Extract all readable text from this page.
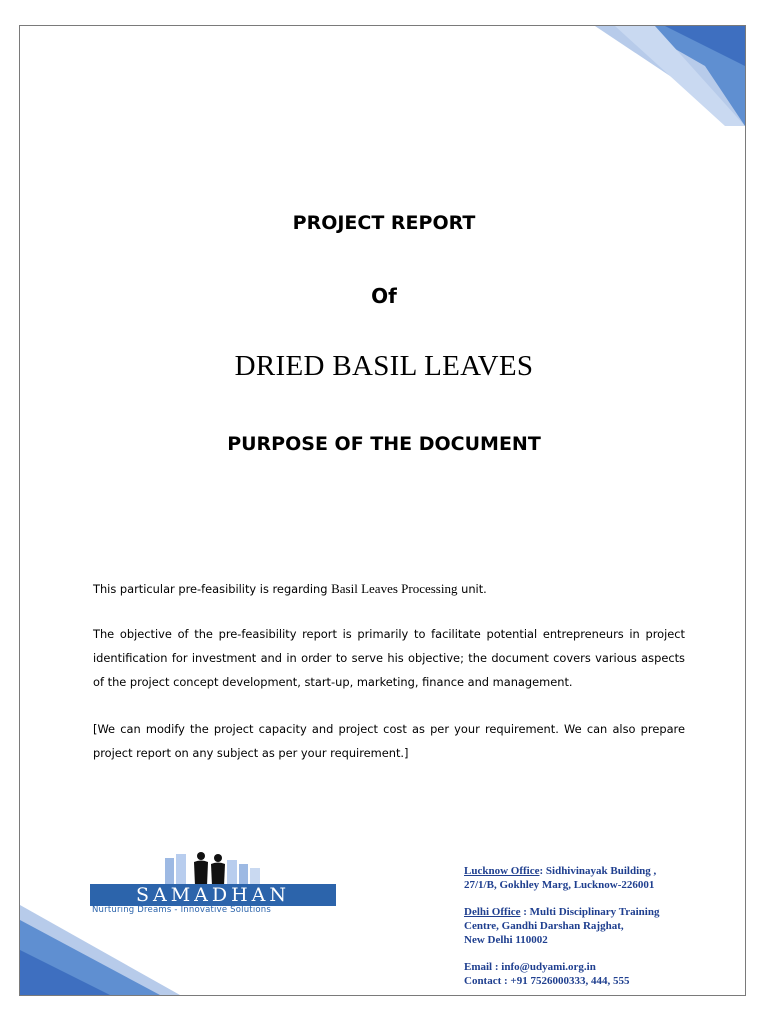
PROJECT REPORT
Of
DRIED BASIL LEAVES
PURPOSE OF THE DOCUMENT
This particular pre-feasibility is regarding Basil Leaves Processing unit.
The objective of the pre-feasibility report is primarily to facilitate potential entrepreneurs in project identification for investment and in order to serve his objective; the document covers various aspects of the project concept development, start-up, marketing, finance and management.
[We can modify the project capacity and project cost as per your requirement. We can also prepare project report on any subject as per your requirement.]
SAMADHAN
Nurturing Dreams - Innovative Solutions
Lucknow Office: Sidhivinayak Building ,
27/1/B, Gokhley Marg, Lucknow-226001
Delhi Office : Multi Disciplinary Training
Centre, Gandhi Darshan Rajghat,
New Delhi 110002
Email : info@udyami.org.in
Contact : +91 7526000333, 444, 555
